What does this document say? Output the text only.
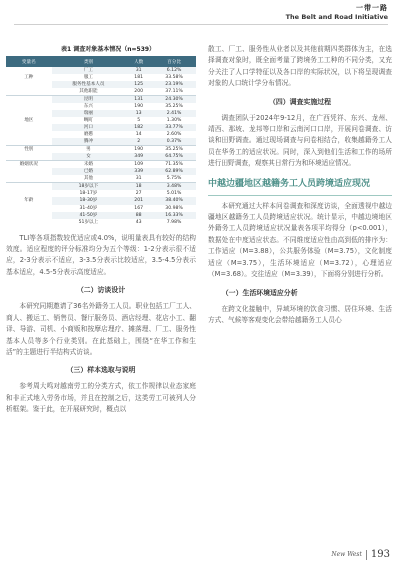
一带一路
The Belt and Road Initiative
表1 调查对象基本情况（n=539）
变量名	类别	人数	百分比
	厂工	31	6.12%
工种	服工	181	33.58%
	服务性基本人员	125	23.19%
	其他职能	200	37.11%
	昆明	131	24.30%
	东兴	190	35.25%
	瑞丽	13	2.41%
地区	畹町	5	1.30%
	河口	182	33.77%
	磨憨	14	2.60%
	腾冲	2	0.37%
性别	男	190	35.25%
	女	349	64.75%
婚姻状况	未婚	109	71.35%
	已婚	339	62.89%
	其他	31	5.75%
	18岁以下	18	3.48%
	18-17岁	27	5.01%
年龄	18-30岁	201	38.40%
	31-40岁	167	30.98%
	41-50岁	88	16.33%
	51岁以上	43	7.98%

TLI等各项指数较优适应或4.0%，说明量表具有较好的结构效度。适应程度的评分标准均分为五个等级：1-2分表示很不适应，2-3分表示不适应，3-3.5分表示比较适应，3.5-4.5分表示基本适应，4.5-5分表示高度适应。

（二）访谈设计

本研究同期邀请了36名外籍务工人员。职业包括工厂工人、商人、搬运工、销售员、餐厅服务员、酒店经理、花店小工、翻译、导游、司机、小商贩和按摩店理疗、摊落理、厂工、服务性基本人员等多个行业类别。在此基础上，围绕“在华工作和生活”的主题进行半结构式访谈。

（三）样本选取与说明

参考周大鸣对越南劳工的分类方式，依工作规律以业态家庭和非正式地入劳务市场，并且在控制之后，这类劳工可被列人分析框架。鉴于此，在开展研究时，概点以

散工、厂工、服务性从业者以及其他前期四类群体为主，在选择调查对象时，既全面考量了跨境务工工种的不同分类，又充分关注了人口学特征以及各口岸的实际状况，以下将呈现调查对象的人口统计学分布情况。

（四）调查实施过程

调查团队于2024年9-12月，在广西凭祥、东兴、龙州、靖西、那坡、龙邦等口岸和云南河口口岸，开展问卷调查、访谈和田野调查。通过现场调查与问卷相结合，收集越籍务工人员在华务工的适应状况。同时，深入到他们生活和工作的场所进行田野调查，观察其日常行为和环境适应情况。

中越边疆地区越籍务工人员跨境适应现况

本研究通过大样本问卷调查和深度访谈，全面透视中越边疆地区越籍务工人员跨境适应状况。统计显示，中越边境地区外籍务工人员跨境适应状况量表各项平均得分（p<0.001），数据处在中度适应状态。不同维度适应性由高到低的排序为：工作适应（M=3.88），公共服务体验（M=3.75），文化制度适应（M=3.75），生活环境适应（M=3.72），心理适应（M=3.68）。交往适应（M=3.39），下面将分别进行分析。

（一）生活环境适应分析

在跨文化接触中，异域环境的饮食习惯、居住环境、生活方式、气候等客观变化会带给越籍务工人员心

New West 193
